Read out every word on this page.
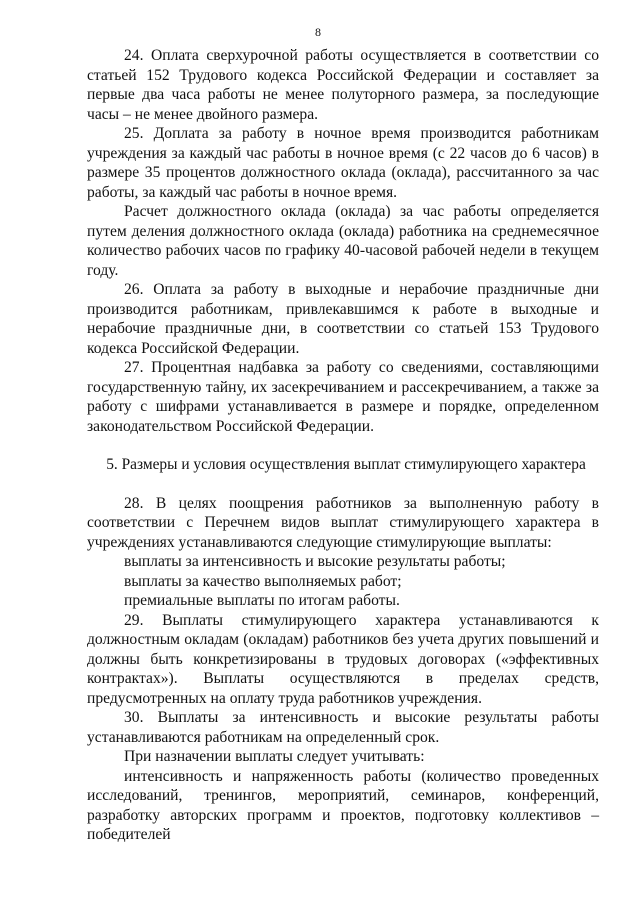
8

24. Оплата сверхурочной работы осуществляется в соответствии со статьей 152 Трудового кодекса Российской Федерации и составляет за первые два часа работы не менее полуторного размера, за последующие часы – не менее двойного размера.

25. Доплата за работу в ночное время производится работникам учреждения за каждый час работы в ночное время (с 22 часов до 6 часов) в размере 35 процентов должностного оклада (оклада), рассчитанного за час работы, за каждый час работы в ночное время.

Расчет должностного оклада (оклада) за час работы определяется путем деления должностного оклада (оклада) работника на среднемесячное количество рабочих часов по графику 40-часовой рабочей недели в текущем году.

26. Оплата за работу в выходные и нерабочие праздничные дни производится работникам, привлекавшимся к работе в выходные и нерабочие праздничные дни, в соответствии со статьей 153 Трудового кодекса Российской Федерации.

27. Процентная надбавка за работу со сведениями, составляющими государственную тайну, их засекречиванием и рассекречиванием, а также за работу с шифрами устанавливается в размере и порядке, определенном законодательством Российской Федерации.

5. Размеры и условия осуществления выплат стимулирующего характера

28. В целях поощрения работников за выполненную работу в соответствии с Перечнем видов выплат стимулирующего характера в учреждениях устанавливаются следующие стимулирующие выплаты:

выплаты за интенсивность и высокие результаты работы;

выплаты за качество выполняемых работ;

премиальные выплаты по итогам работы.

29. Выплаты стимулирующего характера устанавливаются к должностным окладам (окладам) работников без учета других повышений и должны быть конкретизированы в трудовых договорах («эффективных контрактах»). Выплаты осуществляются в пределах средств, предусмотренных на оплату труда работников учреждения.

30. Выплаты за интенсивность и высокие результаты работы устанавливаются работникам на определенный срок.

При назначении выплаты следует учитывать:

интенсивность и напряженность работы (количество проведенных исследований, тренингов, мероприятий, семинаров, конференций, разработку авторских программ и проектов, подготовку коллективов – победителей
